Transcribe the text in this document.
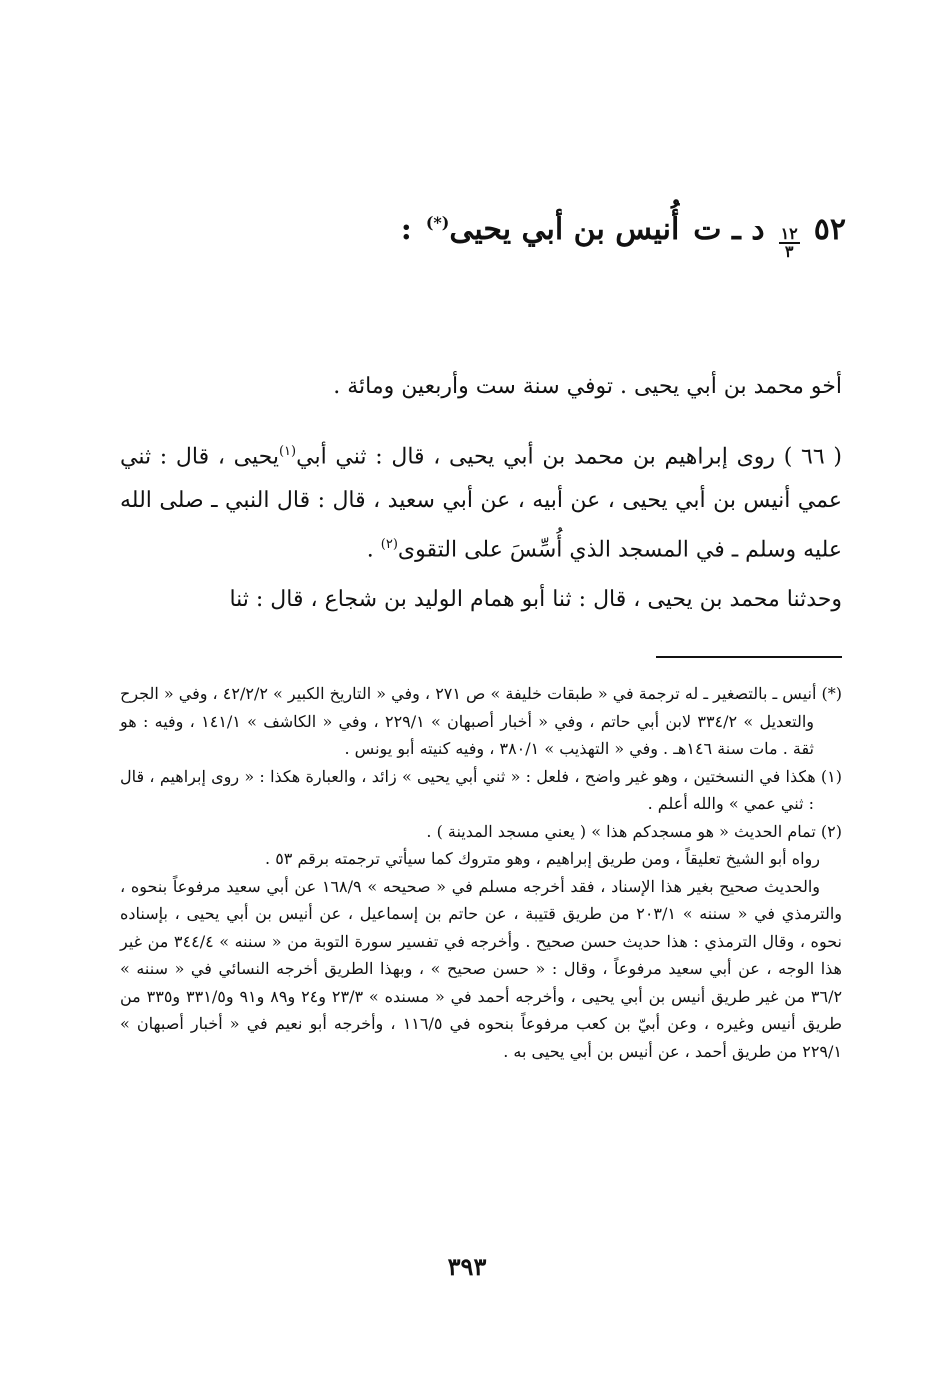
٥٢
$\frac{١٢}{٣}$
د ـ ت
أُنيس بن أبي يحيى(*)
:

أخو محمد بن أبي يحيى . توفي سنة ست وأربعين ومائة .

( ٦٦ ) روى إبراهيم بن محمد بن أبي يحيى ، قال : ثني أبي$^{(١)}$يحيى ، قال : ثني عمي أنيس بن أبي يحيى ، عن أبيه ، عن أبي سعيد ، قال : قال النبي ـ صلى الله عليه وسلم ـ في المسجد الذي أُسِّسَ على التقوى$^{(٢)}$ .

وحدثنا محمد بن يحيى ، قال : ثنا أبو همام الوليد بن شجاع ، قال : ثنا

(*) أنيس ـ بالتصغير ـ له ترجمة في « طبقات خليفة » ص ٢٧١ ، وفي « التاريخ الكبير » ٤٢/٢/٢ ، وفي « الجرح والتعديل » ٣٣٤/٢ لابن أبي حاتم ، وفي « أخبار أصبهان » ٢٢٩/١ ، وفي « الكاشف » ١٤١/١ ، وفيه : هو ثقة . مات سنة ١٤٦هـ . وفي « التهذيب » ٣٨٠/١ ، وفيه كنيته أبو يونس .

(١) هكذا في النسختين ، وهو غير واضح ، فلعل : « ثني أبي يحيى » زائد ، والعبارة هكذا : « روى إبراهيم ، قال : ثني عمي » والله أعلم .

(٢) تمام الحديث « هو مسجدكم هذا » ( يعني مسجد المدينة ) .

رواه أبو الشيخ تعليقاً ، ومن طريق إبراهيم ، وهو متروك كما سيأتي ترجمته برقم ٥٣ .

والحديث صحيح بغير هذا الإسناد ، فقد أخرجه مسلم في « صحيحه » ١٦٨/٩ عن أبي سعيد مرفوعاً بنحوه ، والترمذي في « سننه » ٢٠٣/١ من طريق قتيبة ، عن حاتم بن إسماعيل ، عن أنيس بن أبي يحيى ، بإسناده نحوه ، وقال الترمذي : هذا حديث حسن صحيح . وأخرجه في تفسير سورة التوبة من « سننه » ٣٤٤/٤ من غير هذا الوجه ، عن أبي سعيد مرفوعاً ، وقال : « حسن صحيح » ، وبهذا الطريق أخرجه النسائي في « سننه » ٣٦/٢ من غير طريق أنيس بن أبي يحيى ، وأخرجه أحمد في « مسنده » ٢٣/٣ و٢٤ و٨٩ و٩١ و٣٣١/٥ و٣٣٥ من طريق أنيس وغيره ، وعن أبيّ بن كعب مرفوعاً بنحوه في ١١٦/٥ ، وأخرجه أبو نعيم في « أخبار أصبهان » ٢٢٩/١ من طريق أحمد ، عن أنيس بن أبي يحيى به .

٣٩٣
